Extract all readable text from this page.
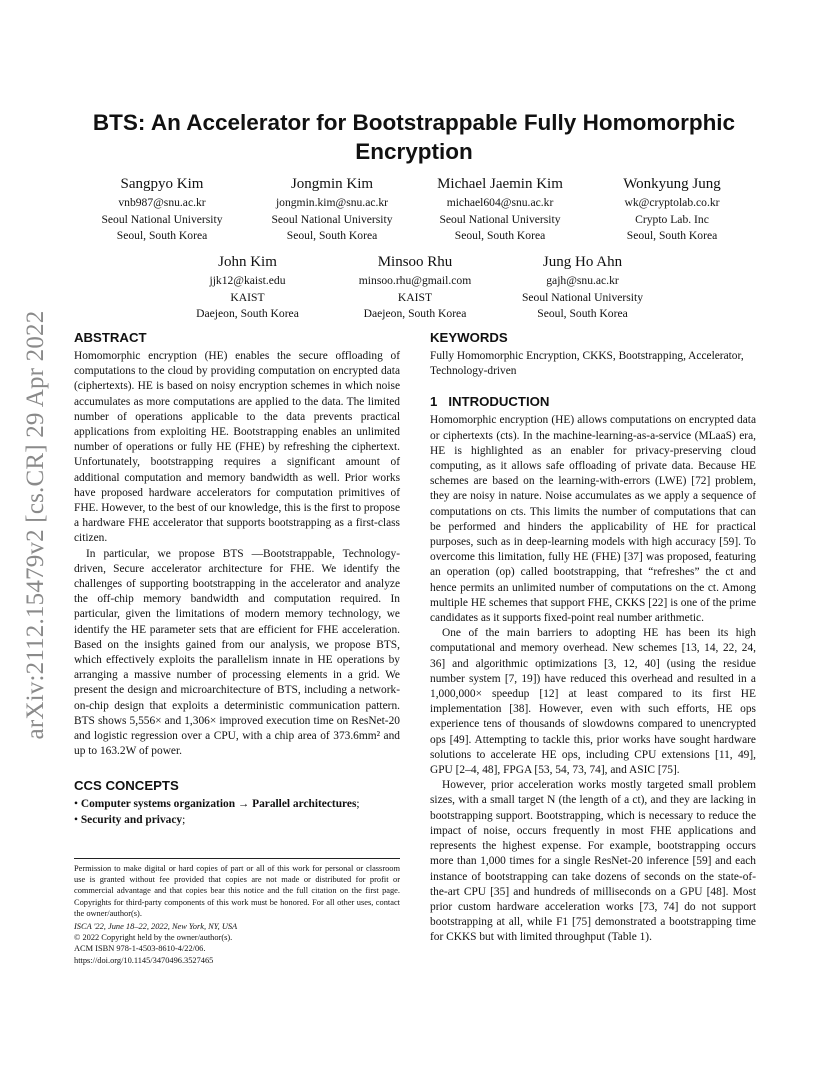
arXiv:2112.15479v2 [cs.CR] 29 Apr 2022
BTS: An Accelerator for Bootstrappable Fully Homomorphic Encryption
Sangpyo Kim
vnb987@snu.ac.kr
Seoul National University
Seoul, South Korea
Jongmin Kim
jongmin.kim@snu.ac.kr
Seoul National University
Seoul, South Korea
Michael Jaemin Kim
michael604@snu.ac.kr
Seoul National University
Seoul, South Korea
Wonkyung Jung
wk@cryptolab.co.kr
Crypto Lab. Inc
Seoul, South Korea
John Kim
jjk12@kaist.edu
KAIST
Daejeon, South Korea
Minsoo Rhu
minsoo.rhu@gmail.com
KAIST
Daejeon, South Korea
Jung Ho Ahn
gajh@snu.ac.kr
Seoul National University
Seoul, South Korea
ABSTRACT

Homomorphic encryption (HE) enables the secure offloading of computations to the cloud by providing computation on encrypted data (ciphertexts). HE is based on noisy encryption schemes in which noise accumulates as more computations are applied to the data. The limited number of operations applicable to the data prevents practical applications from exploiting HE. Bootstrapping enables an unlimited number of operations or fully HE (FHE) by refreshing the ciphertext. Unfortunately, bootstrapping requires a significant amount of additional computation and memory bandwidth as well. Prior works have proposed hardware accelerators for computation primitives of FHE. However, to the best of our knowledge, this is the first to propose a hardware FHE accelerator that supports bootstrapping as a first-class citizen.

In particular, we propose BTS —Bootstrappable, Technology-driven, Secure accelerator architecture for FHE. We identify the challenges of supporting bootstrapping in the accelerator and analyze the off-chip memory bandwidth and computation required. In particular, given the limitations of modern memory technology, we identify the HE parameter sets that are efficient for FHE acceleration. Based on the insights gained from our analysis, we propose BTS, which effectively exploits the parallelism innate in HE operations by arranging a massive number of processing elements in a grid. We present the design and microarchitecture of BTS, including a network-on-chip design that exploits a deterministic communication pattern. BTS shows 5,556× and 1,306× improved execution time on ResNet-20 and logistic regression over a CPU, with a chip area of 373.6mm² and up to 163.2W of power.

CCS CONCEPTS
• Computer systems organization → Parallel architectures;
• Security and privacy;

Permission to make digital or hard copies of part or all of this work for personal or classroom use is granted without fee provided that copies are not made or distributed for profit or commercial advantage and that copies bear this notice and the full citation on the first page. Copyrights for third-party components of this work must be honored. For all other uses, contact the owner/author(s).

ISCA '22, June 18–22, 2022, New York, NY, USA

© 2022 Copyright held by the owner/author(s).

ACM ISBN 978-1-4503-8610-4/22/06.

https://doi.org/10.1145/3470496.3527465

KEYWORDS

Fully Homomorphic Encryption, CKKS, Bootstrapping, Accelerator, Technology-driven

1   INTRODUCTION

Homomorphic encryption (HE) allows computations on encrypted data or ciphertexts (cts). In the machine-learning-as-a-service (MLaaS) era, HE is highlighted as an enabler for privacy-preserving cloud computing, as it allows safe offloading of private data. Because HE schemes are based on the learning-with-errors (LWE) [72] problem, they are noisy in nature. Noise accumulates as we apply a sequence of computations on cts. This limits the number of computations that can be performed and hinders the applicability of HE for practical purposes, such as in deep-learning models with high accuracy [59]. To overcome this limitation, fully HE (FHE) [37] was proposed, featuring an operation (op) called bootstrapping, that “refreshes” the ct and hence permits an unlimited number of computations on the ct. Among multiple HE schemes that support FHE, CKKS [22] is one of the prime candidates as it supports fixed-point real number arithmetic.

One of the main barriers to adopting HE has been its high computational and memory overhead. New schemes [13, 14, 22, 24, 36] and algorithmic optimizations [3, 12, 40] (using the residue number system [7, 19]) have reduced this overhead and resulted in a 1,000,000× speedup [12] at least compared to its first HE implementation [38]. However, even with such efforts, HE ops experience tens of thousands of slowdowns compared to unencrypted ops [49]. Attempting to tackle this, prior works have sought hardware solutions to accelerate HE ops, including CPU extensions [11, 49], GPU [2–4, 48], FPGA [53, 54, 73, 74], and ASIC [75].

However, prior acceleration works mostly targeted small problem sizes, with a small target N (the length of a ct), and they are lacking in bootstrapping support. Bootstrapping, which is necessary to reduce the impact of noise, occurs frequently in most FHE applications and represents the highest expense. For example, bootstrapping occurs more than 1,000 times for a single ResNet-20 inference [59] and each instance of bootstrapping can take dozens of seconds on the state-of-the-art CPU [35] and hundreds of milliseconds on a GPU [48]. Most prior custom hardware acceleration works [73, 74] do not support bootstrapping at all, while F1 [75] demonstrated a bootstrapping time for CKKS but with limited throughput (Table 1).
